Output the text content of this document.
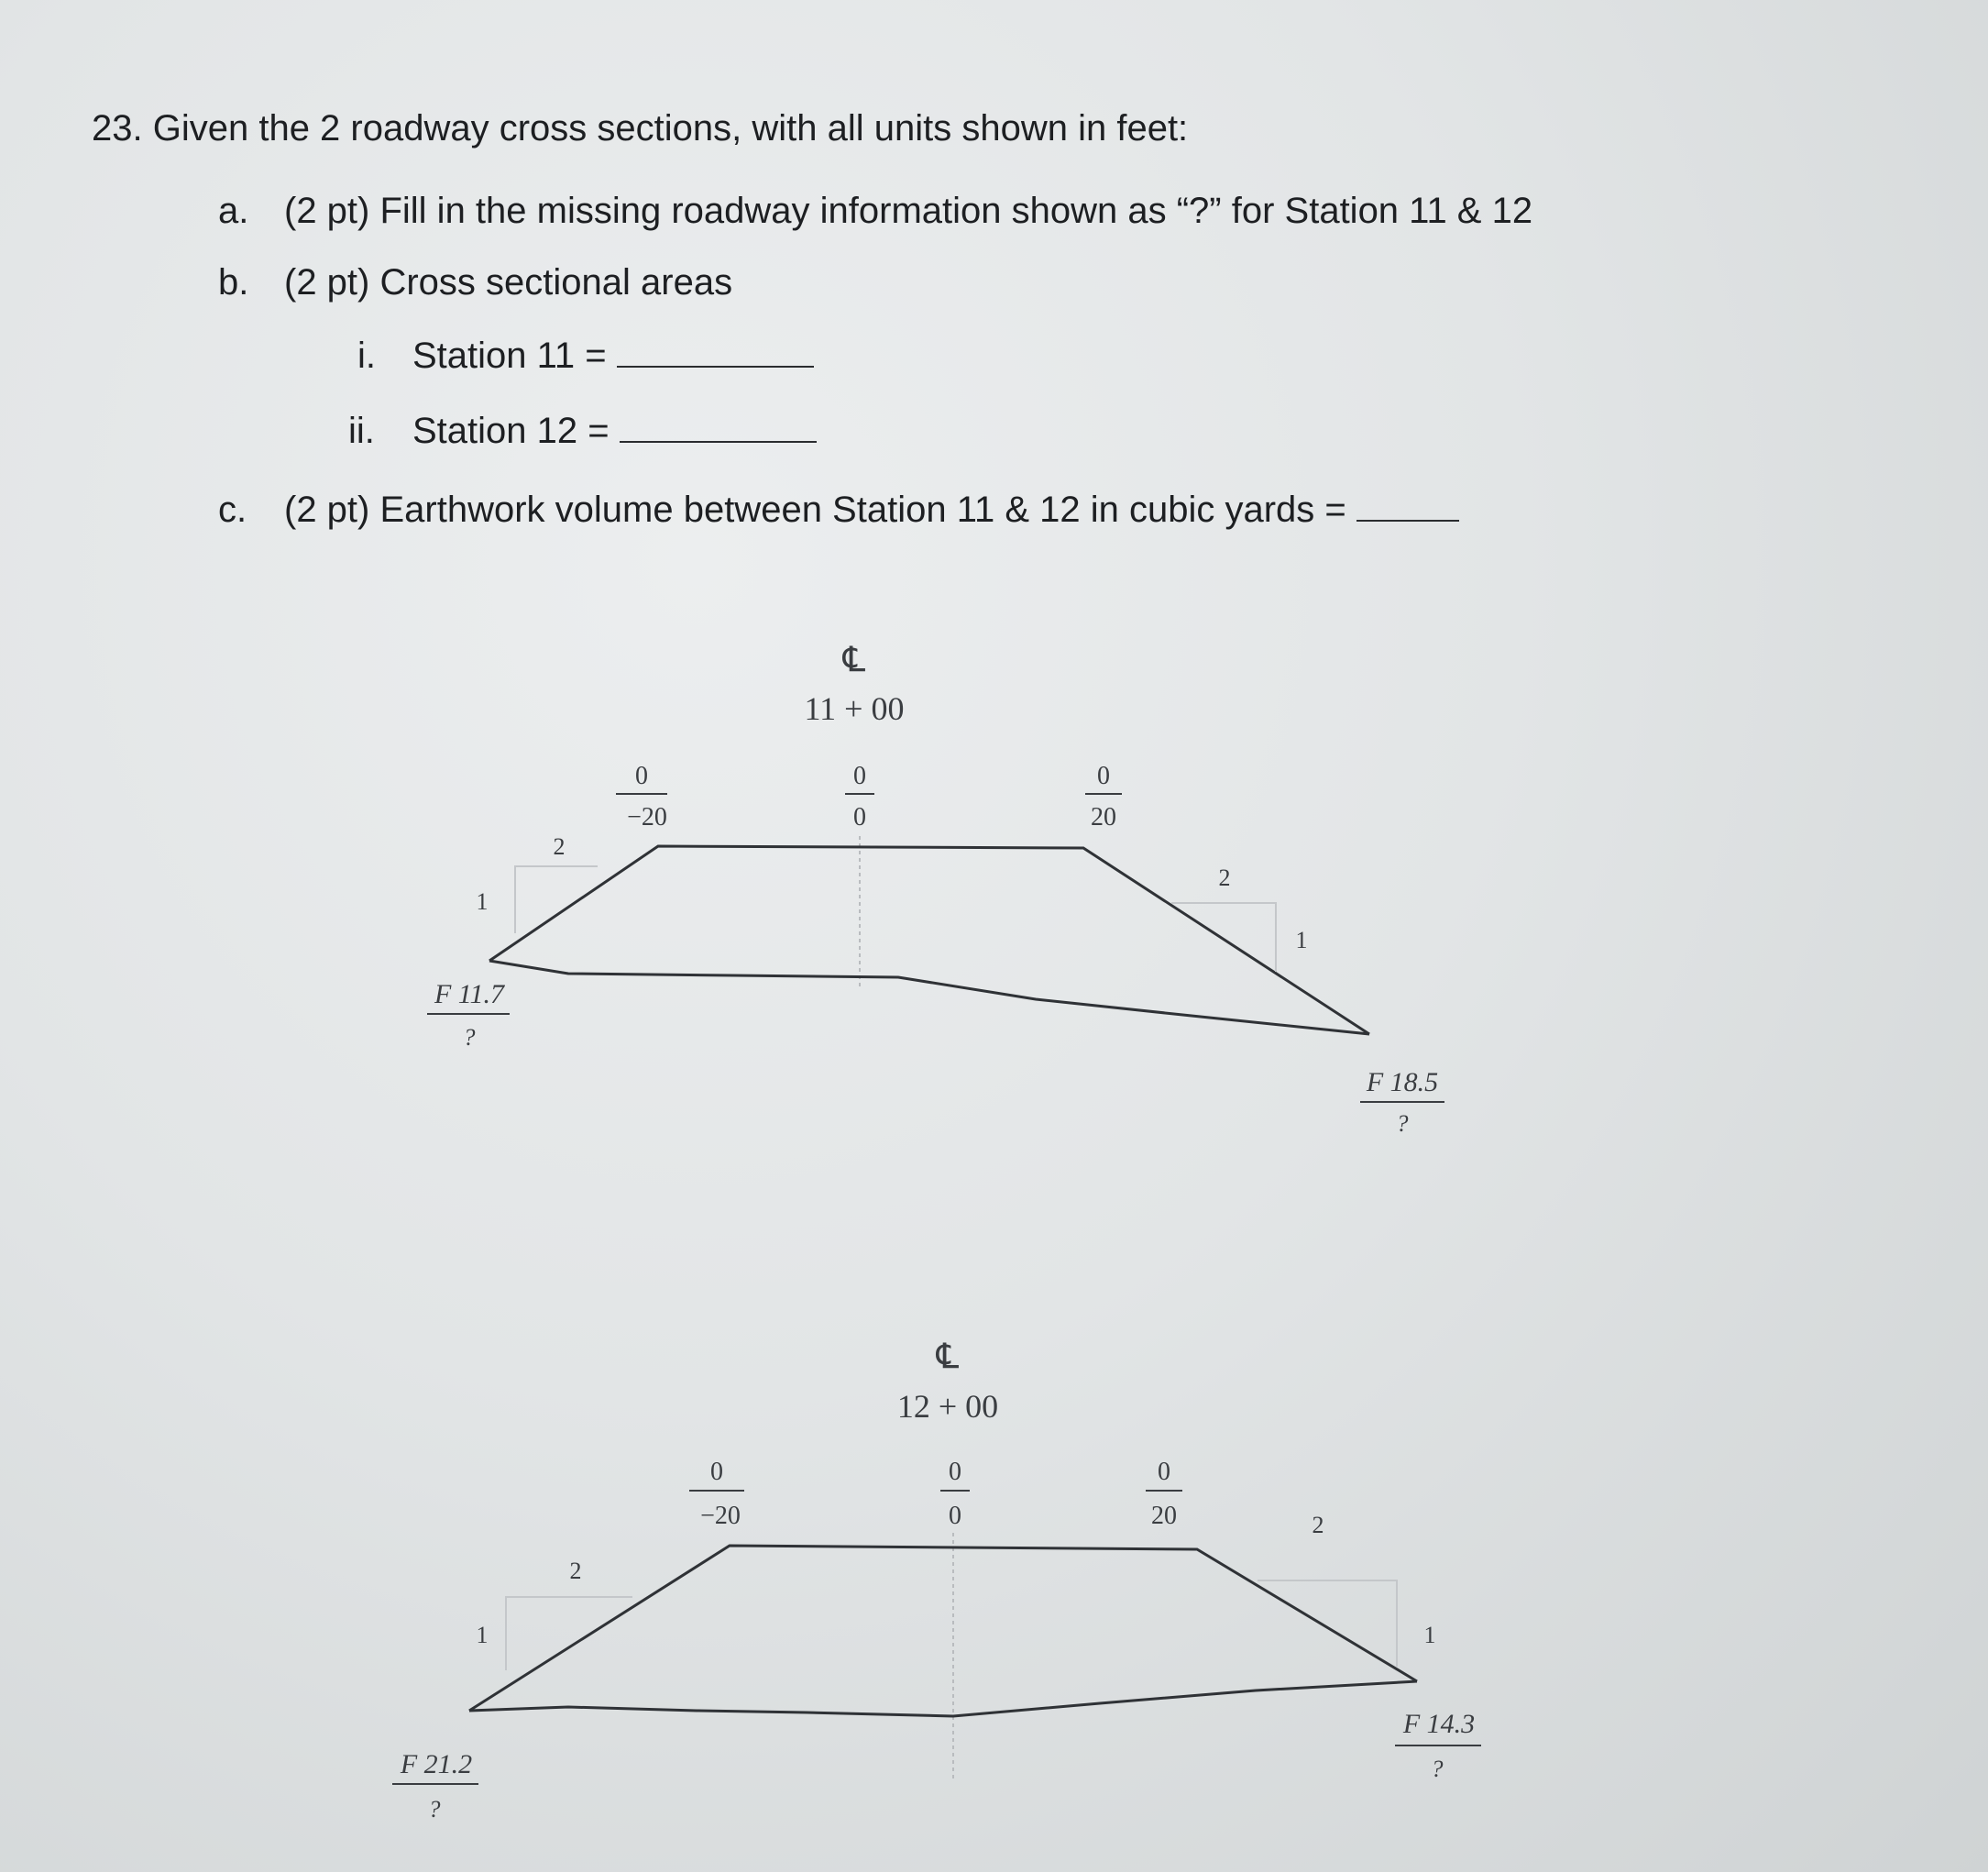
23. Given the 2 roadway cross sections, with all units shown in feet:
a. (2 pt) Fill in the missing roadway information shown as “?” for Station 11 & 12
b. (2 pt) Cross sectional areas
i. Station 11 =
ii. Station 12 =
c. (2 pt) Earthwork volume between Station 11 & 12 in cubic yards =
℄
11 + 00
0
−20
0
0
0
20
2
1
2
1
F 11.7
?
F 18.5
?
℄
12 + 00
0
−20
0
0
0
20
2
1
2
1
F 21.2
?
F 14.3
?
